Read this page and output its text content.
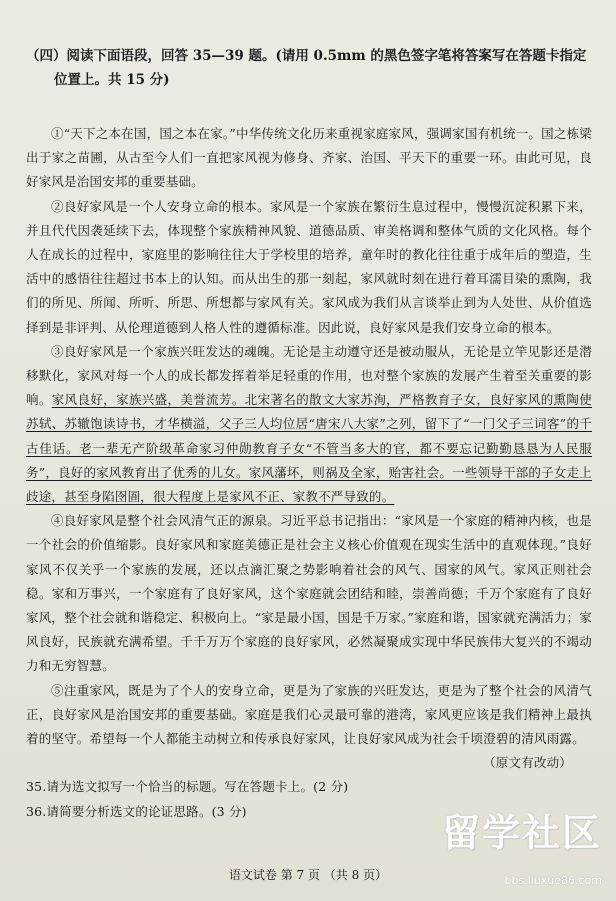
（四）阅读下面语段，回答 35—39 题。(请用 0.5mm 的黑色签字笔将答案写在答题卡指定
位置上。共 15 分)

①“天下之本在国，国之本在家。”中华传统文化历来重视家庭家风，强调家国有机统一。国之栋梁出于家之苗圃，从古至今人们一直把家风视为修身、齐家、治国、平天下的重要一环。由此可见，良好家风是治国安邦的重要基础。

②良好家风是一个人安身立命的根本。家风是一个家族在繁衍生息过程中，慢慢沉淀积累下来，并且代代因袭延续下去，体现整个家族精神风貌、道德品质、审美格调和整体气质的文化风格。每个人在成长的过程中，家庭里的影响往往大于学校里的培养，童年时的教化往往重于成年后的塑造，生活中的感悟往往超过书本上的认知。而从出生的那一刻起，家风就时刻在进行着耳濡目染的熏陶，我们的所见、所闻、所听、所思、所想都与家风有关。家风成为我们从言谈举止到为人处世、从价值选择到是非评判、从伦理道德到人格人性的遵循标准。因此说，良好家风是我们安身立命的根本。

③良好家风是一个家族兴旺发达的魂魄。无论是主动遵守还是被动服从，无论是立竿见影还是潜移默化，家风对每一个人的成长都发挥着举足轻重的作用，也对整个家族的发展产生着至关重要的影响。家风良好，家族兴盛，美誉流芳。北宋著名的散文大家苏洵，严格教育子女，良好家风的熏陶使苏轼、苏辙饱读诗书，才华横溢，父子三人均位居“唐宋八大家”之列，留下了“一门父子三词客”的千古佳话。老一辈无产阶级革命家习仲勋教育子女“不管当多大的官，都不要忘记勤勤恳恳为人民服务”，良好的家风教育出了优秀的儿女。家风藩坏，则祸及全家，贻害社会。一些领导干部的子女走上歧途，甚至身陷囹圄，很大程度上是家风不正、家教不严导致的。

④良好家风是整个社会风清气正的源泉。习近平总书记指出：“家风是一个家庭的精神内核，也是一个社会的价值缩影。良好家风和家庭美德正是社会主义核心价值观在现实生活中的直观体现。”良好家风不仅关乎一个家族的发展，还以点滴汇聚之势影响着社会的风气、国家的风气。家风正则社会稳。家和万事兴，一个家庭有了良好家风，这个家庭就会团结和睦，崇善尚德；千万个家庭有了良好家风，整个社会就和谐稳定、积极向上。“家是最小国，国是千万家。”家庭和谐，国家就充满活力；家风良好，民族就充满希望。千千万万个家庭的良好家风，必然凝聚成实现中华民族伟大复兴的不竭动力和无穷智慧。

⑤注重家风，既是为了个人的安身立命，更是为了家族的兴旺发达，更是为了整个社会的风清气正，良好家风是治国安邦的重要基础。家庭是我们心灵最可靠的港湾，家风更应该是我们精神上最执着的坚守。希望每一个人都能主动树立和传承良好家风，让良好家风成为社会千顷澄碧的清风雨露。

（原文有改动）

35.请为选文拟写一个恰当的标题。写在答题卡上。(2 分)

36.请简要分析选文的论证思路。(3 分)

语文试卷 第 7 页 （共 8 页）
留学社区
bbs.liuxue86.com
